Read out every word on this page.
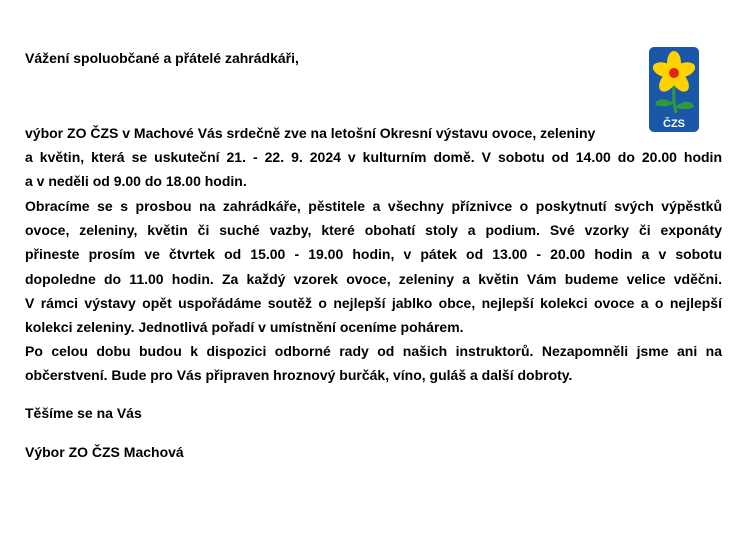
Vážení spoluobčané a přátelé zahrádkáři,
ČZS
výbor ZO ČZS v Machové Vás srdečně zve na letošní Okresní výstavu ovoce, zeleniny
a květin, která se uskuteční 21. - 22. 9. 2024 v kulturním domě. V sobotu od 14.00 do 20.00 hodin
a v neděli od 9.00 do 18.00 hodin.
Obracíme se s prosbou na zahrádkáře, pěstitele a všechny příznivce o poskytnutí svých výpěstků
ovoce, zeleniny, květin či suché vazby, které obohatí stoly a podium. Své vzorky či exponáty
přineste prosím ve čtvrtek od 15.00 - 19.00 hodin, v pátek od 13.00 - 20.00 hodin a v sobotu
dopoledne do 11.00 hodin. Za každý vzorek ovoce, zeleniny a květin Vám budeme velice vděčni.
V rámci výstavy opět uspořádáme soutěž o nejlepší jablko obce, nejlepší kolekci ovoce a o nejlepší
kolekci zeleniny. Jednotlivá pořadí v umístnění oceníme pohárem.
Po celou dobu budou k dispozici odborné rady od našich instruktorů. Nezapomněli jsme ani na
občerstvení. Bude pro Vás připraven hroznový burčák, víno, guláš a další dobroty.
Těšíme se na Vás
Výbor ZO ČZS Machová
